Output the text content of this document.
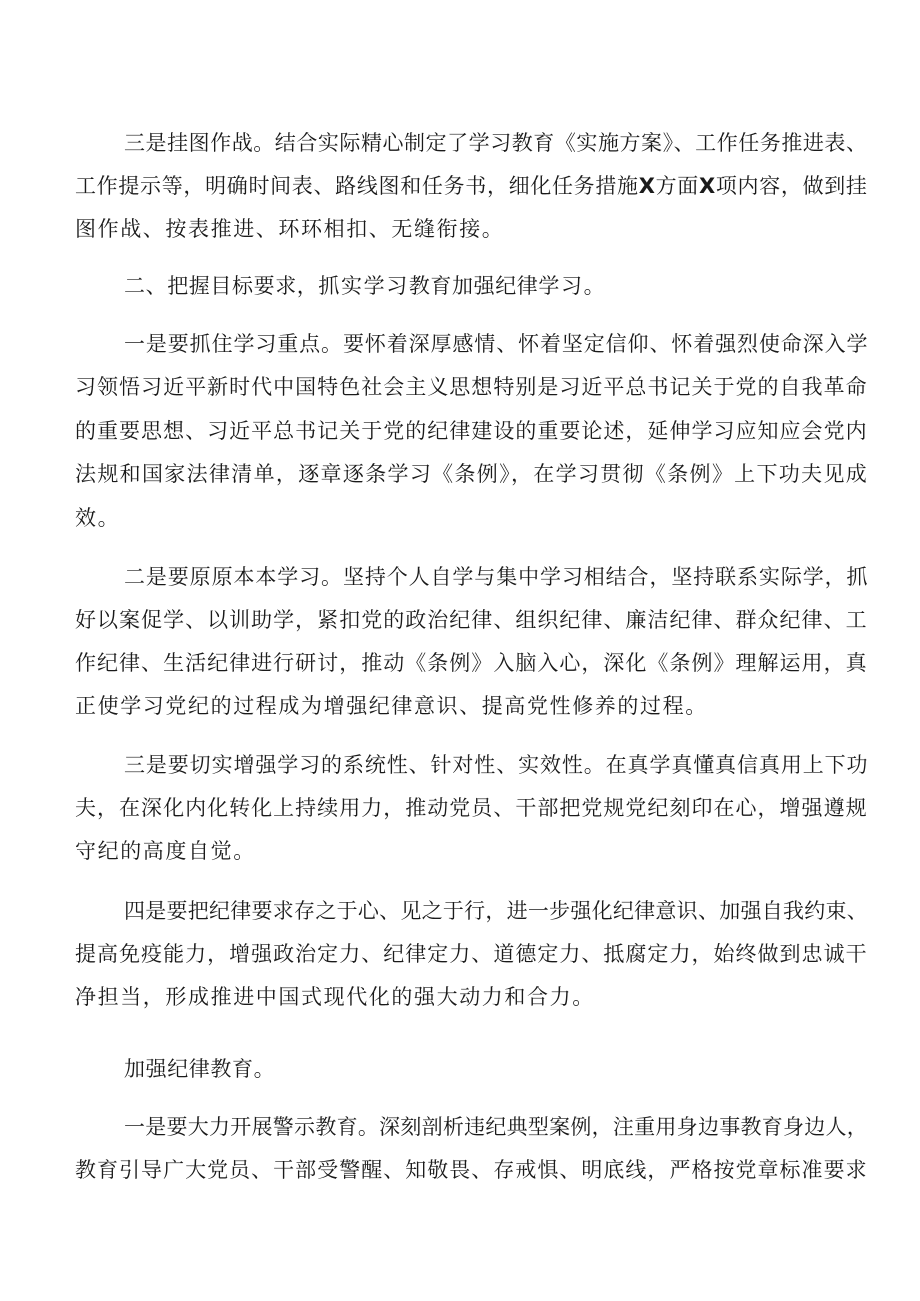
三是挂图作战。结合实际精心制定了学习教育《实施方案》、工作任务推进表、
工作提示等，明确时间表、路线图和任务书，细化任务措施X方面X项内容，做到挂
图作战、按表推进、环环相扣、无缝衔接。
二、把握目标要求，抓实学习教育加强纪律学习。
一是要抓住学习重点。要怀着深厚感情、怀着坚定信仰、怀着强烈使命深入学
习领悟习近平新时代中国特色社会主义思想特别是习近平总书记关于党的自我革命
的重要思想、习近平总书记关于党的纪律建设的重要论述，延伸学习应知应会党内
法规和国家法律清单，逐章逐条学习《条例》，在学习贯彻《条例》上下功夫见成
效。
二是要原原本本学习。坚持个人自学与集中学习相结合，坚持联系实际学，抓
好以案促学、以训助学，紧扣党的政治纪律、组织纪律、廉洁纪律、群众纪律、工
作纪律、生活纪律进行研讨，推动《条例》入脑入心，深化《条例》理解运用，真
正使学习党纪的过程成为增强纪律意识、提高党性修养的过程。
三是要切实增强学习的系统性、针对性、实效性。在真学真懂真信真用上下功
夫，在深化内化转化上持续用力，推动党员、干部把党规党纪刻印在心，增强遵规
守纪的高度自觉。
四是要把纪律要求存之于心、见之于行，进一步强化纪律意识、加强自我约束、
提高免疫能力，增强政治定力、纪律定力、道德定力、抵腐定力，始终做到忠诚干
净担当，形成推进中国式现代化的强大动力和合力。
加强纪律教育。
一是要大力开展警示教育。深刻剖析违纪典型案例，注重用身边事教育身边人，
教育引导广大党员、干部受警醒、知敬畏、存戒惧、明底线，严格按党章标准要求
